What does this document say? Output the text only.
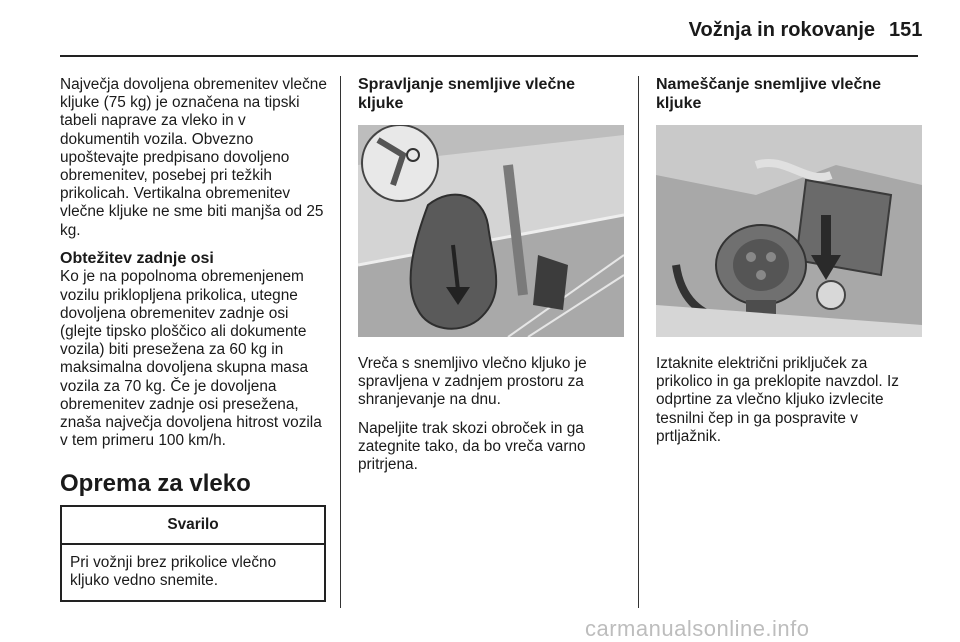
Vožnja in rokovanje 151

Največja dovoljena obremenitev vlečne kljuke (75 kg) je označena na tipski tabeli naprave za vleko in v dokumentih vozila. Obvezno upoštevajte predpisano dovoljeno obremenitev, posebej pri težkih prikolicah. Vertikalna obremenitev vlečne kljuke ne sme biti manjša od 25 kg.

Obtežitev zadnje osi

Ko je na popolnoma obremenjenem vozilu priklopljena prikolica, utegne dovoljena obremenitev zadnje osi (glejte tipsko ploščico ali dokumente vozila) biti presežena za 60 kg in maksimalna dovoljena skupna masa vozila za 70 kg. Če je dovoljena obremenitev zadnje osi presežena, znaša največja dovoljena hitrost vozila v tem primeru 100 km/h.

Oprema za vleko
Svarilo
Pri vožnji brez prikolice vlečno kljuko vedno snemite.
Spravljanje snemljive vlečne kljuke

Vreča s snemljivo vlečno kljuko je spravljena v zadnjem prostoru za shranjevanje na dnu.

Napeljite trak skozi obroček in ga zategnite tako, da bo vreča varno pritrjena.

Nameščanje snemljive vlečne kljuke

Iztaknite električni priključek za prikolico in ga preklopite navzdol. Iz odprtine za vlečno kljuko izvlecite tesnilni čep in ga pospravite v prtljažnik.

carmanualsonline.info
